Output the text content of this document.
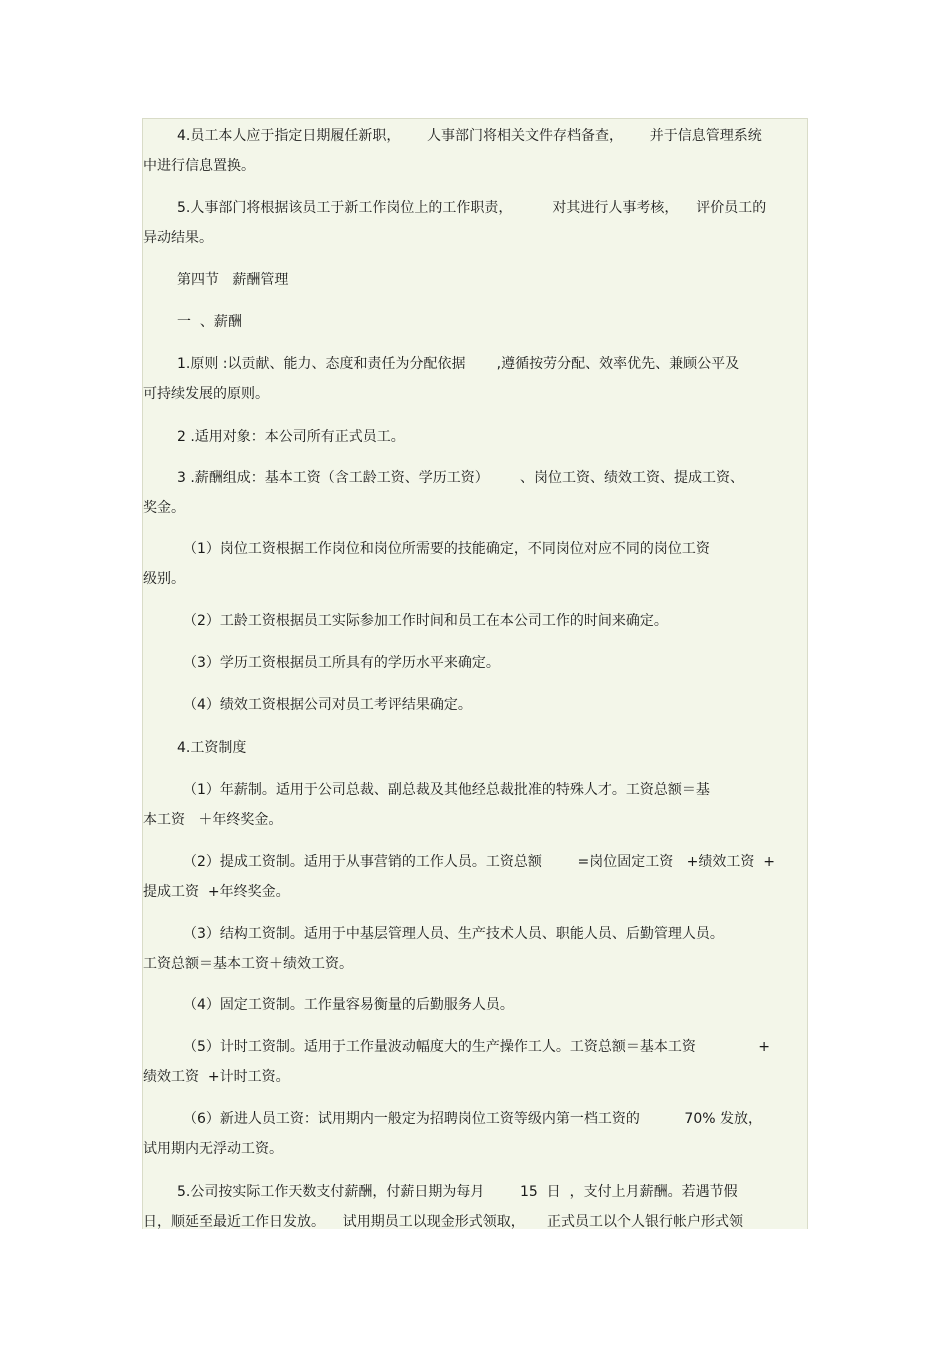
4.员工本人应于指定日期履任新职，      人事部门将相关文件存档备查，      并于信息管理系统
中进行信息置换。
5.人事部门将根据该员工于新工作岗位上的工作职责，         对其进行人事考核，    评价员工的
异动结果。
第四节   薪酬管理
一  、薪酬
1.原则 :以贡献、能力、态度和责任为分配依据       ,遵循按劳分配、效率优先、兼顾公平及
可持续发展的原则。
2 .适用对象：本公司所有正式员工。
3 .薪酬组成：基本工资（含工龄工资、学历工资）       、岗位工资、绩效工资、提成工资、
奖金。
（1）岗位工资根据工作岗位和岗位所需要的技能确定，不同岗位对应不同的岗位工资
级别。
（2）工龄工资根据员工实际参加工作时间和员工在本公司工作的时间来确定。
（3）学历工资根据员工所具有的学历水平来确定。
（4）绩效工资根据公司对员工考评结果确定。
4.工资制度
（1）年薪制。适用于公司总裁、副总裁及其他经总裁批准的特殊人才。工资总额＝基
本工资   ＋年终奖金。
（2）提成工资制。适用于从事营销的工作人员。工资总额        =岗位固定工资   +绩效工资  +
提成工资  +年终奖金。
（3）结构工资制。适用于中基层管理人员、生产技术人员、职能人员、后勤管理人员。
工资总额＝基本工资＋绩效工资。
（4）固定工资制。工作量容易衡量的后勤服务人员。
（5）计时工资制。适用于工作量波动幅度大的生产操作工人。工资总额＝基本工资              +
绩效工资  +计时工资。
（6）新进人员工资：试用期内一般定为招聘岗位工资等级内第一档工资的          70% 发放，
试用期内无浮动工资。
5.公司按实际工作天数支付薪酬，付薪日期为每月        15  日  ，支付上月薪酬。若遇节假
日，顺延至最近工作日发放。    试用期员工以现金形式领取，     正式员工以个人银行帐户形式领
